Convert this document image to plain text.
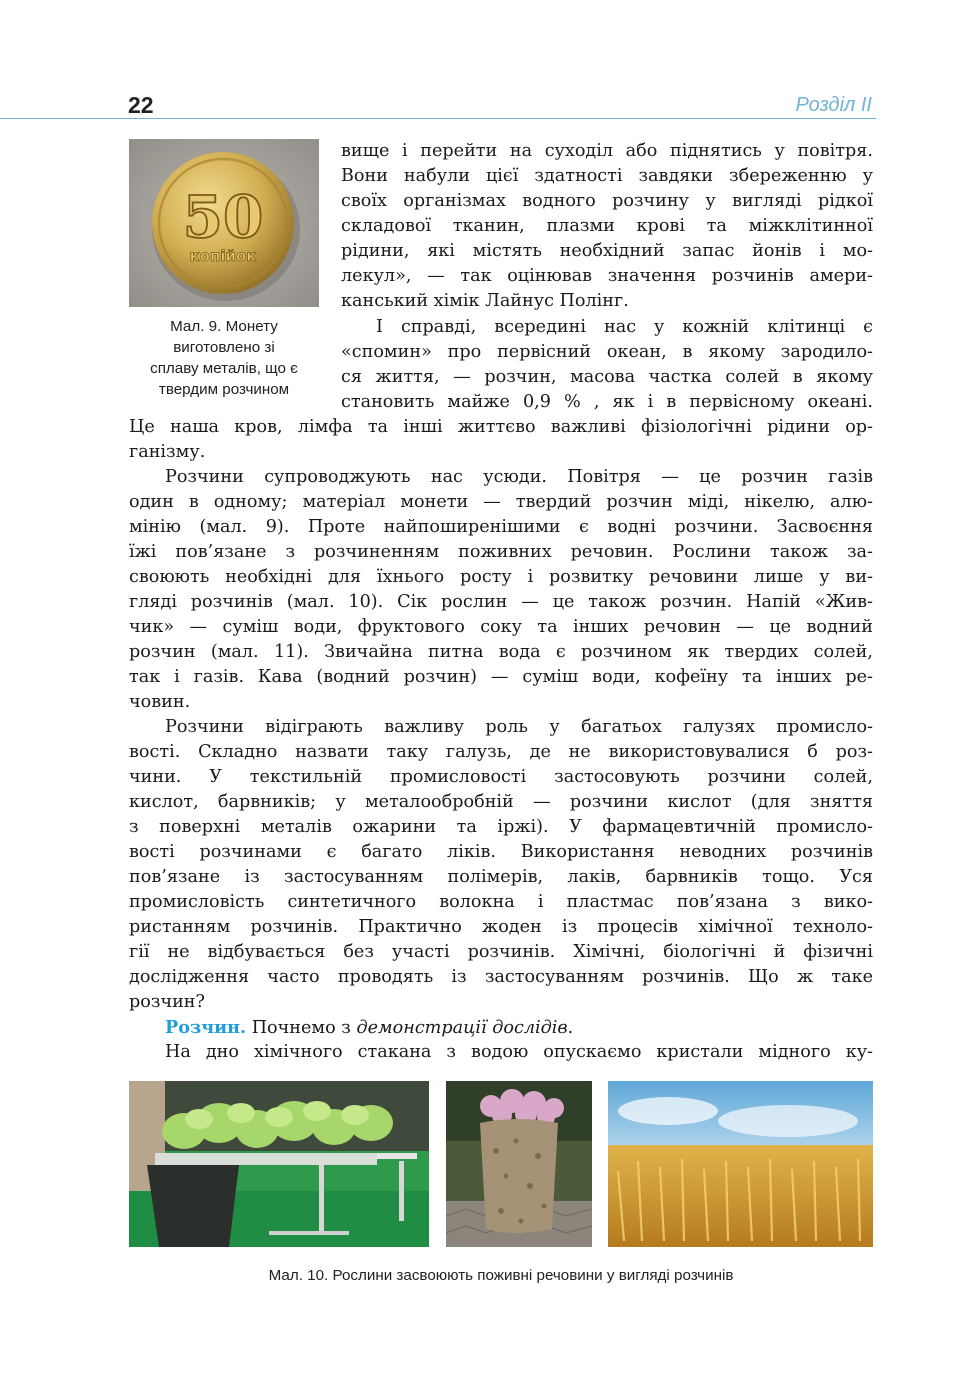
22	Розділ II
50
копійок
Мал. 9. Монету
виготовлено зі
сплаву металів, що є
твердим розчином
вище і перейти на суходіл або піднятись у повітря.
Вони набули цієї здатності завдяки збереженню у
своїх організмах водного розчину у вигляді рідкої
складової тканин, плазми крові та міжклітинної
рідини, які містять необхідний запас йонів і мо-
лекул», — так оцінював значення розчинів амери-
канський хімік Лайнус Полінг.
І справді, всередині нас у кожній клітинці є
«спомин» про первісний океан, в якому зародило-
ся життя, — розчин, масова частка солей в якому
становить майже 0,9 % , як і в первісному океані.
Це наша кров, лімфа та інші життєво важливі фізіологічні рідини ор-
ганізму.
Розчини супроводжують нас усюди. Повітря — це розчин газів
один в одному; матеріал монети — твердий розчин міді, нікелю, алю-
мінію (мал. 9). Проте найпоширенішими є водні розчини. Засвоєння
їжі пов’язане з розчиненням поживних речовин. Рослини також за-
своюють необхідні для їхнього росту і розвитку речовини лише у ви-
гляді розчинів (мал. 10). Сік рослин — це також розчин. Напій «Жив-
чик» — суміш води, фруктового соку та інших речовин — це водний
розчин (мал. 11). Звичайна питна вода є розчином як твердих солей,
так і газів. Кава (водний розчин) — суміш води, кофеїну та інших ре-
човин.
Розчини відіграють важливу роль у багатьох галузях промисло-
вості. Складно назвати таку галузь, де не використовувалися б роз-
чини. У текстильній промисловості застосовують розчини солей,
кислот, барвників; у металообробній — розчини кислот (для зняття
з поверхні металів ожарини та іржі). У фармацевтичній промисло-
вості розчинами є багато ліків. Використання неводних розчинів
пов’язане із застосуванням полімерів, лаків, барвників тощо. Уся
промисловість синтетичного волокна і пластмас пов’язана з вико-
ристанням розчинів. Практично жоден із процесів хімічної техноло-
гії не відбувається без участі розчинів. Хімічні, біологічні й фізичні
дослідження часто проводять із застосуванням розчинів. Що ж таке
розчин?
Розчин. Почнемо з демонстрації дослідів.
На дно хімічного стакана з водою опускаємо кристали мідного ку-
Мал. 10. Рослини засвоюють поживні речовини у вигляді розчинів
